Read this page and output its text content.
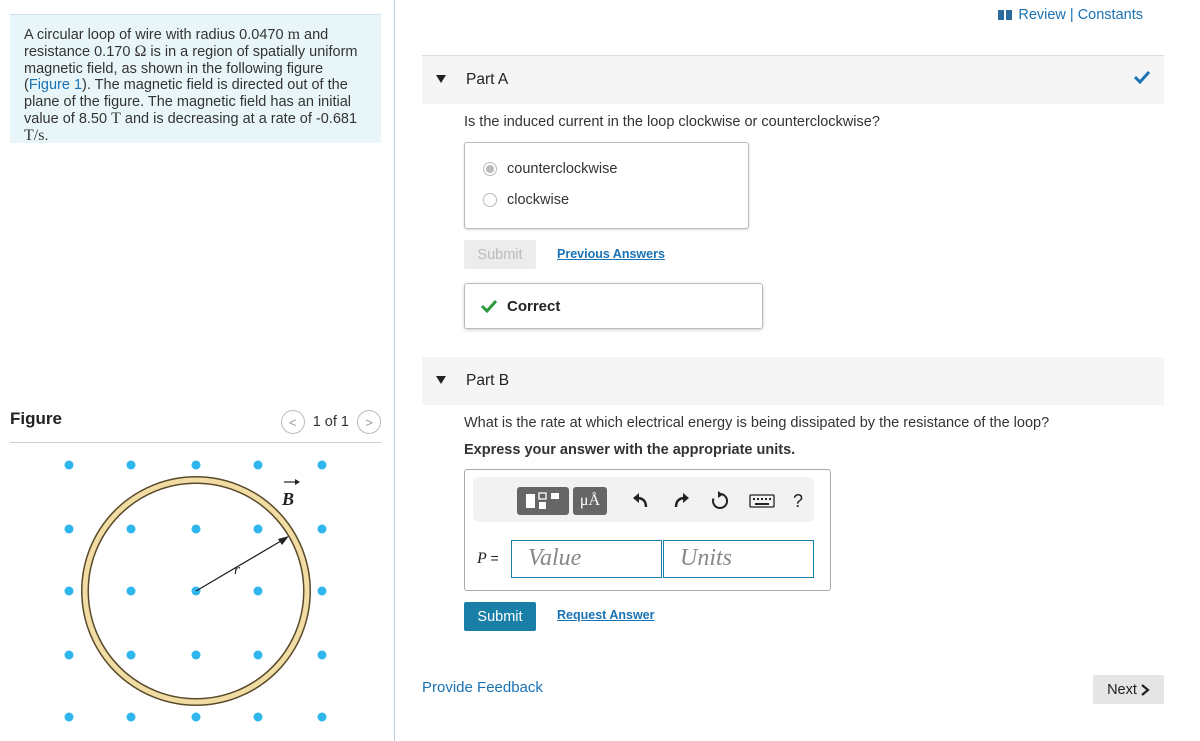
A circular loop of wire with radius 0.0470 m and resistance 0.170 Ω is in a region of spatially uniform magnetic field, as shown in the following figure (Figure 1). The magnetic field is directed out of the plane of the figure. The magnetic field has an initial value of 8.50 T and is decreasing at a rate of -0.681 T/s.
Figure	< 1 of 1 >
r
B
Review | Constants
Part A
Is the induced current in the loop clockwise or counterclockwise?
counterclockwise
clockwise
Submit	Previous Answers
Correct
Part B
What is the rate at which electrical energy is being dissipated by the resistance of the loop?
Express your answer with the appropriate units.
μÅ	?
P =	Value	Units
Submit	Request Answer
Provide Feedback	Next
